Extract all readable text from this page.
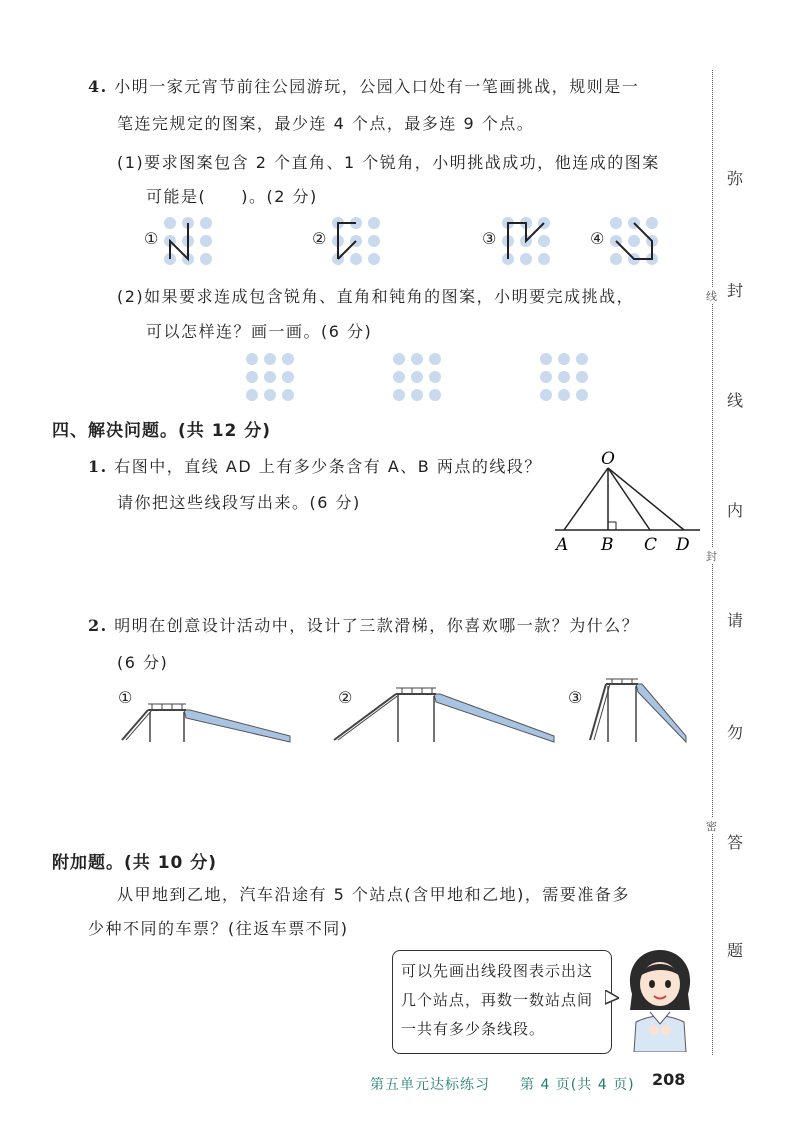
4. 小明一家元宵节前往公园游玩，公园入口处有一笔画挑战，规则是一
笔连完规定的图案，最少连 4 个点，最多连 9 个点。
(1)要求图案包含 2 个直角、1 个锐角，小明挑战成功，他连成的图案
可能是(　　)。(2 分)
①	②	③	④
(2)如果要求连成包含锐角、直角和钝角的图案，小明要完成挑战，
可以怎样连？画一画。(6 分)
四、解决问题。(共 12 分)
1. 右图中，直线 AD 上有多少条含有 A、B 两点的线段？
请你把这些线段写出来。(6 分)
O
A B C D
2. 明明在创意设计活动中，设计了三款滑梯，你喜欢哪一款？为什么？
(6 分)
①	②	③
附加题。(共 10 分)
从甲地到乙地，汽车沿途有 5 个站点(含甲地和乙地)，需要准备多
少种不同的车票？(往返车票不同)
可以先画出线段图表示出这
几个站点，再数一数站点间
一共有多少条线段。
弥
封
线
内
请
勿
答
题
线
封
密
第五单元达标练习 第 4 页(共 4 页) 208
